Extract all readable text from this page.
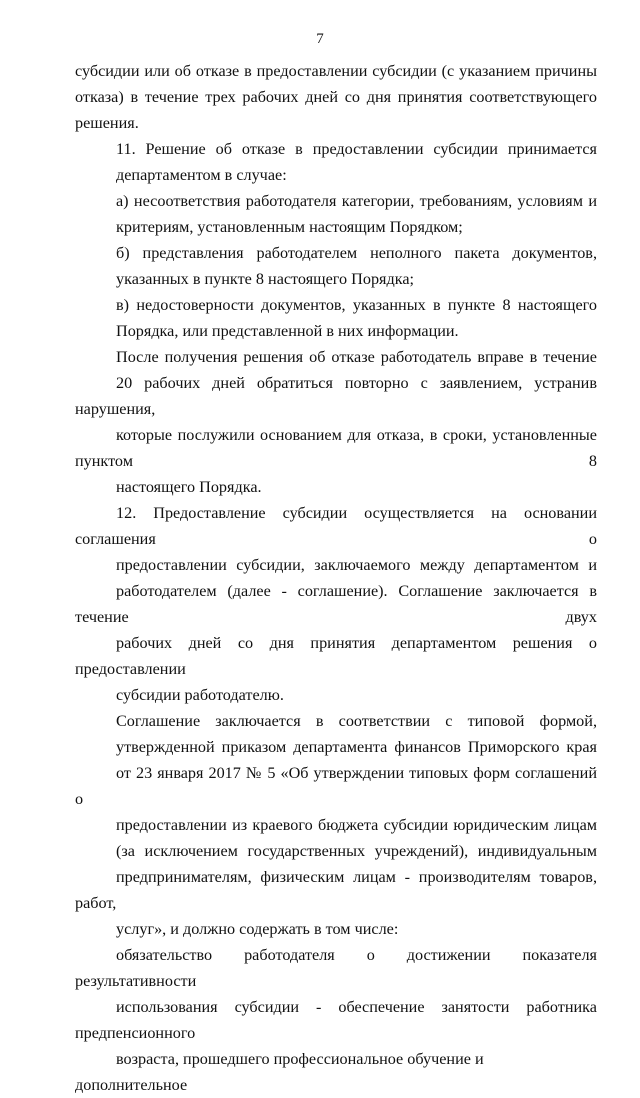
7

субсидии или об отказе в предоставлении субсидии (с указанием причины
отказа) в течение трех рабочих дней со дня принятия соответствующего
решения.

11. Решение об отказе в предоставлении субсидии принимается
департаментом в случае:

а) несоответствия работодателя категории, требованиям, условиям и
критериям, установленным настоящим Порядком;

б) представления работодателем неполного пакета документов,
указанных в пункте 8 настоящего Порядка;

в) недостоверности документов, указанных в пункте 8 настоящего
Порядка, или представленной в них информации.

После получения решения об отказе работодатель вправе в течение
20 рабочих дней обратиться повторно с заявлением, устранив нарушения,
которые послужили основанием для отказа, в сроки, установленные пунктом 8
настоящего Порядка.

12. Предоставление субсидии осуществляется на основании соглашения о
предоставлении субсидии, заключаемого между департаментом и
работодателем (далее - соглашение). Соглашение заключается в течение двух
рабочих дней со дня принятия департаментом решения о предоставлении
субсидии работодателю.

Соглашение заключается в соответствии с типовой формой,
утвержденной приказом департамента финансов Приморского края
от 23 января 2017 № 5 «Об утверждении типовых форм соглашений о
предоставлении из краевого бюджета субсидии юридическим лицам
(за исключением государственных учреждений), индивидуальным
предпринимателям, физическим лицам - производителям товаров, работ,
услуг», и должно содержать в том числе:

обязательство работодателя о достижении показателя результативности
использования субсидии - обеспечение занятости работника предпенсионного
возраста, прошедшего профессиональное обучение и дополнительное
